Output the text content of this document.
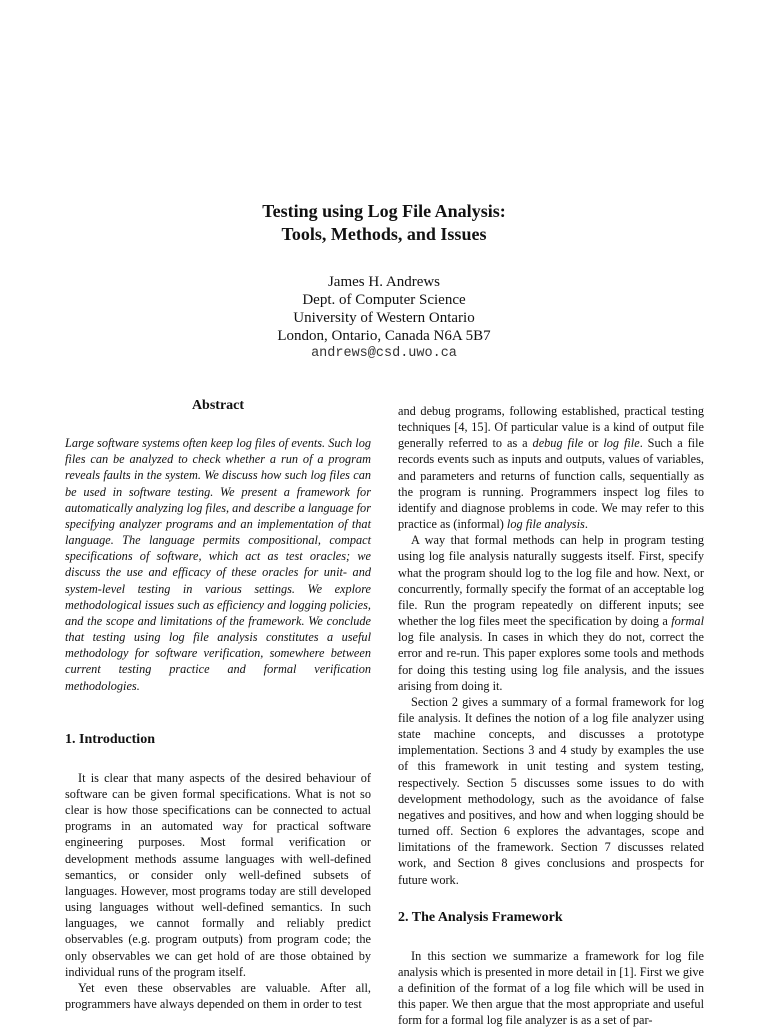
Testing using Log File Analysis:
Tools, Methods, and Issues
James H. Andrews
Dept. of Computer Science
University of Western Ontario
London, Ontario, Canada N6A 5B7
andrews@csd.uwo.ca
Abstract

Large software systems often keep log files of events. Such log files can be analyzed to check whether a run of a program reveals faults in the system. We discuss how such log files can be used in software testing. We present a framework for automatically analyzing log files, and describe a language for specifying analyzer programs and an implementation of that language. The language permits compositional, compact specifications of software, which act as test oracles; we discuss the use and efficacy of these oracles for unit- and system-level testing in various settings. We explore methodological issues such as efficiency and logging policies, and the scope and limitations of the framework. We conclude that testing using log file analysis constitutes a useful methodology for software verification, somewhere between current testing practice and formal verification methodologies.

1. Introduction

It is clear that many aspects of the desired behaviour of software can be given formal specifications. What is not so clear is how those specifications can be connected to actual programs in an automated way for practical software engineering purposes. Most formal verification or development methods assume languages with well-defined semantics, or consider only well-defined subsets of languages. However, most programs today are still developed using languages without well-defined semantics. In such languages, we cannot formally and reliably predict observables (e.g. program outputs) from program code; the only observables we can get hold of are those obtained by individual runs of the program itself.

Yet even these observables are valuable. After all, programmers have always depended on them in order to test

and debug programs, following established, practical testing techniques [4, 15]. Of particular value is a kind of output file generally referred to as a debug file or log file. Such a file records events such as inputs and outputs, values of variables, and parameters and returns of function calls, sequentially as the program is running. Programmers inspect log files to identify and diagnose problems in code. We may refer to this practice as (informal) log file analysis.

A way that formal methods can help in program testing using log file analysis naturally suggests itself. First, specify what the program should log to the log file and how. Next, or concurrently, formally specify the format of an acceptable log file. Run the program repeatedly on different inputs; see whether the log files meet the specification by doing a formal log file analysis. In cases in which they do not, correct the error and re-run. This paper explores some tools and methods for doing this testing using log file analysis, and the issues arising from doing it.

Section 2 gives a summary of a formal framework for log file analysis. It defines the notion of a log file analyzer using state machine concepts, and discusses a prototype implementation. Sections 3 and 4 study by examples the use of this framework in unit testing and system testing, respectively. Section 5 discusses some issues to do with development methodology, such as the avoidance of false negatives and positives, and how and when logging should be turned off. Section 6 explores the advantages, scope and limitations of the framework. Section 7 discusses related work, and Section 8 gives conclusions and prospects for future work.

2. The Analysis Framework

In this section we summarize a framework for log file analysis which is presented in more detail in [1]. First we give a definition of the format of a log file which will be used in this paper. We then argue that the most appropriate and useful form for a formal log file analyzer is as a set of par-
